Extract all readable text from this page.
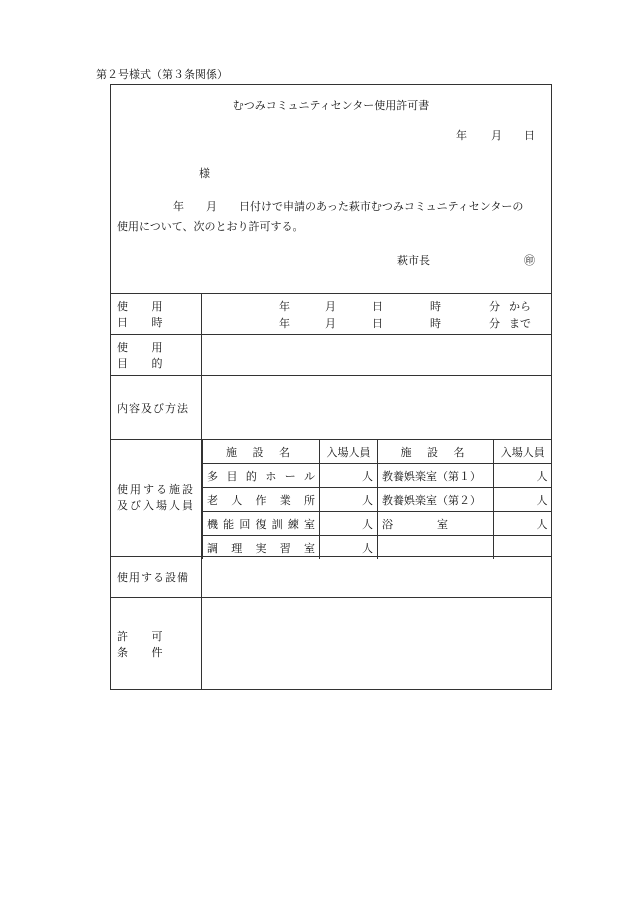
第２号様式（第３条関係）
むつみコミュニティセンター使用許可書
年 月 日
様
年 月 日付けで申請のあった萩市むつみコミュニティセンターの
使用について、次のとおり許可する。
萩市長	㊞
使 用 日 時
年	月	日	時	分 から
年	月	日	時	分 まで
使 用 目 的
内容及び方法
使用する施設及び入場人員
施 設 名	入場人員	施 設 名	入場人員
多目的ホール	人	教養娯楽室（第１）	人
老人作業所	人	教養娯楽室（第２）	人
機能回復訓練室	人	浴　　　　室	人
調理実習室	人		
使用する設備
許 可 条 件
